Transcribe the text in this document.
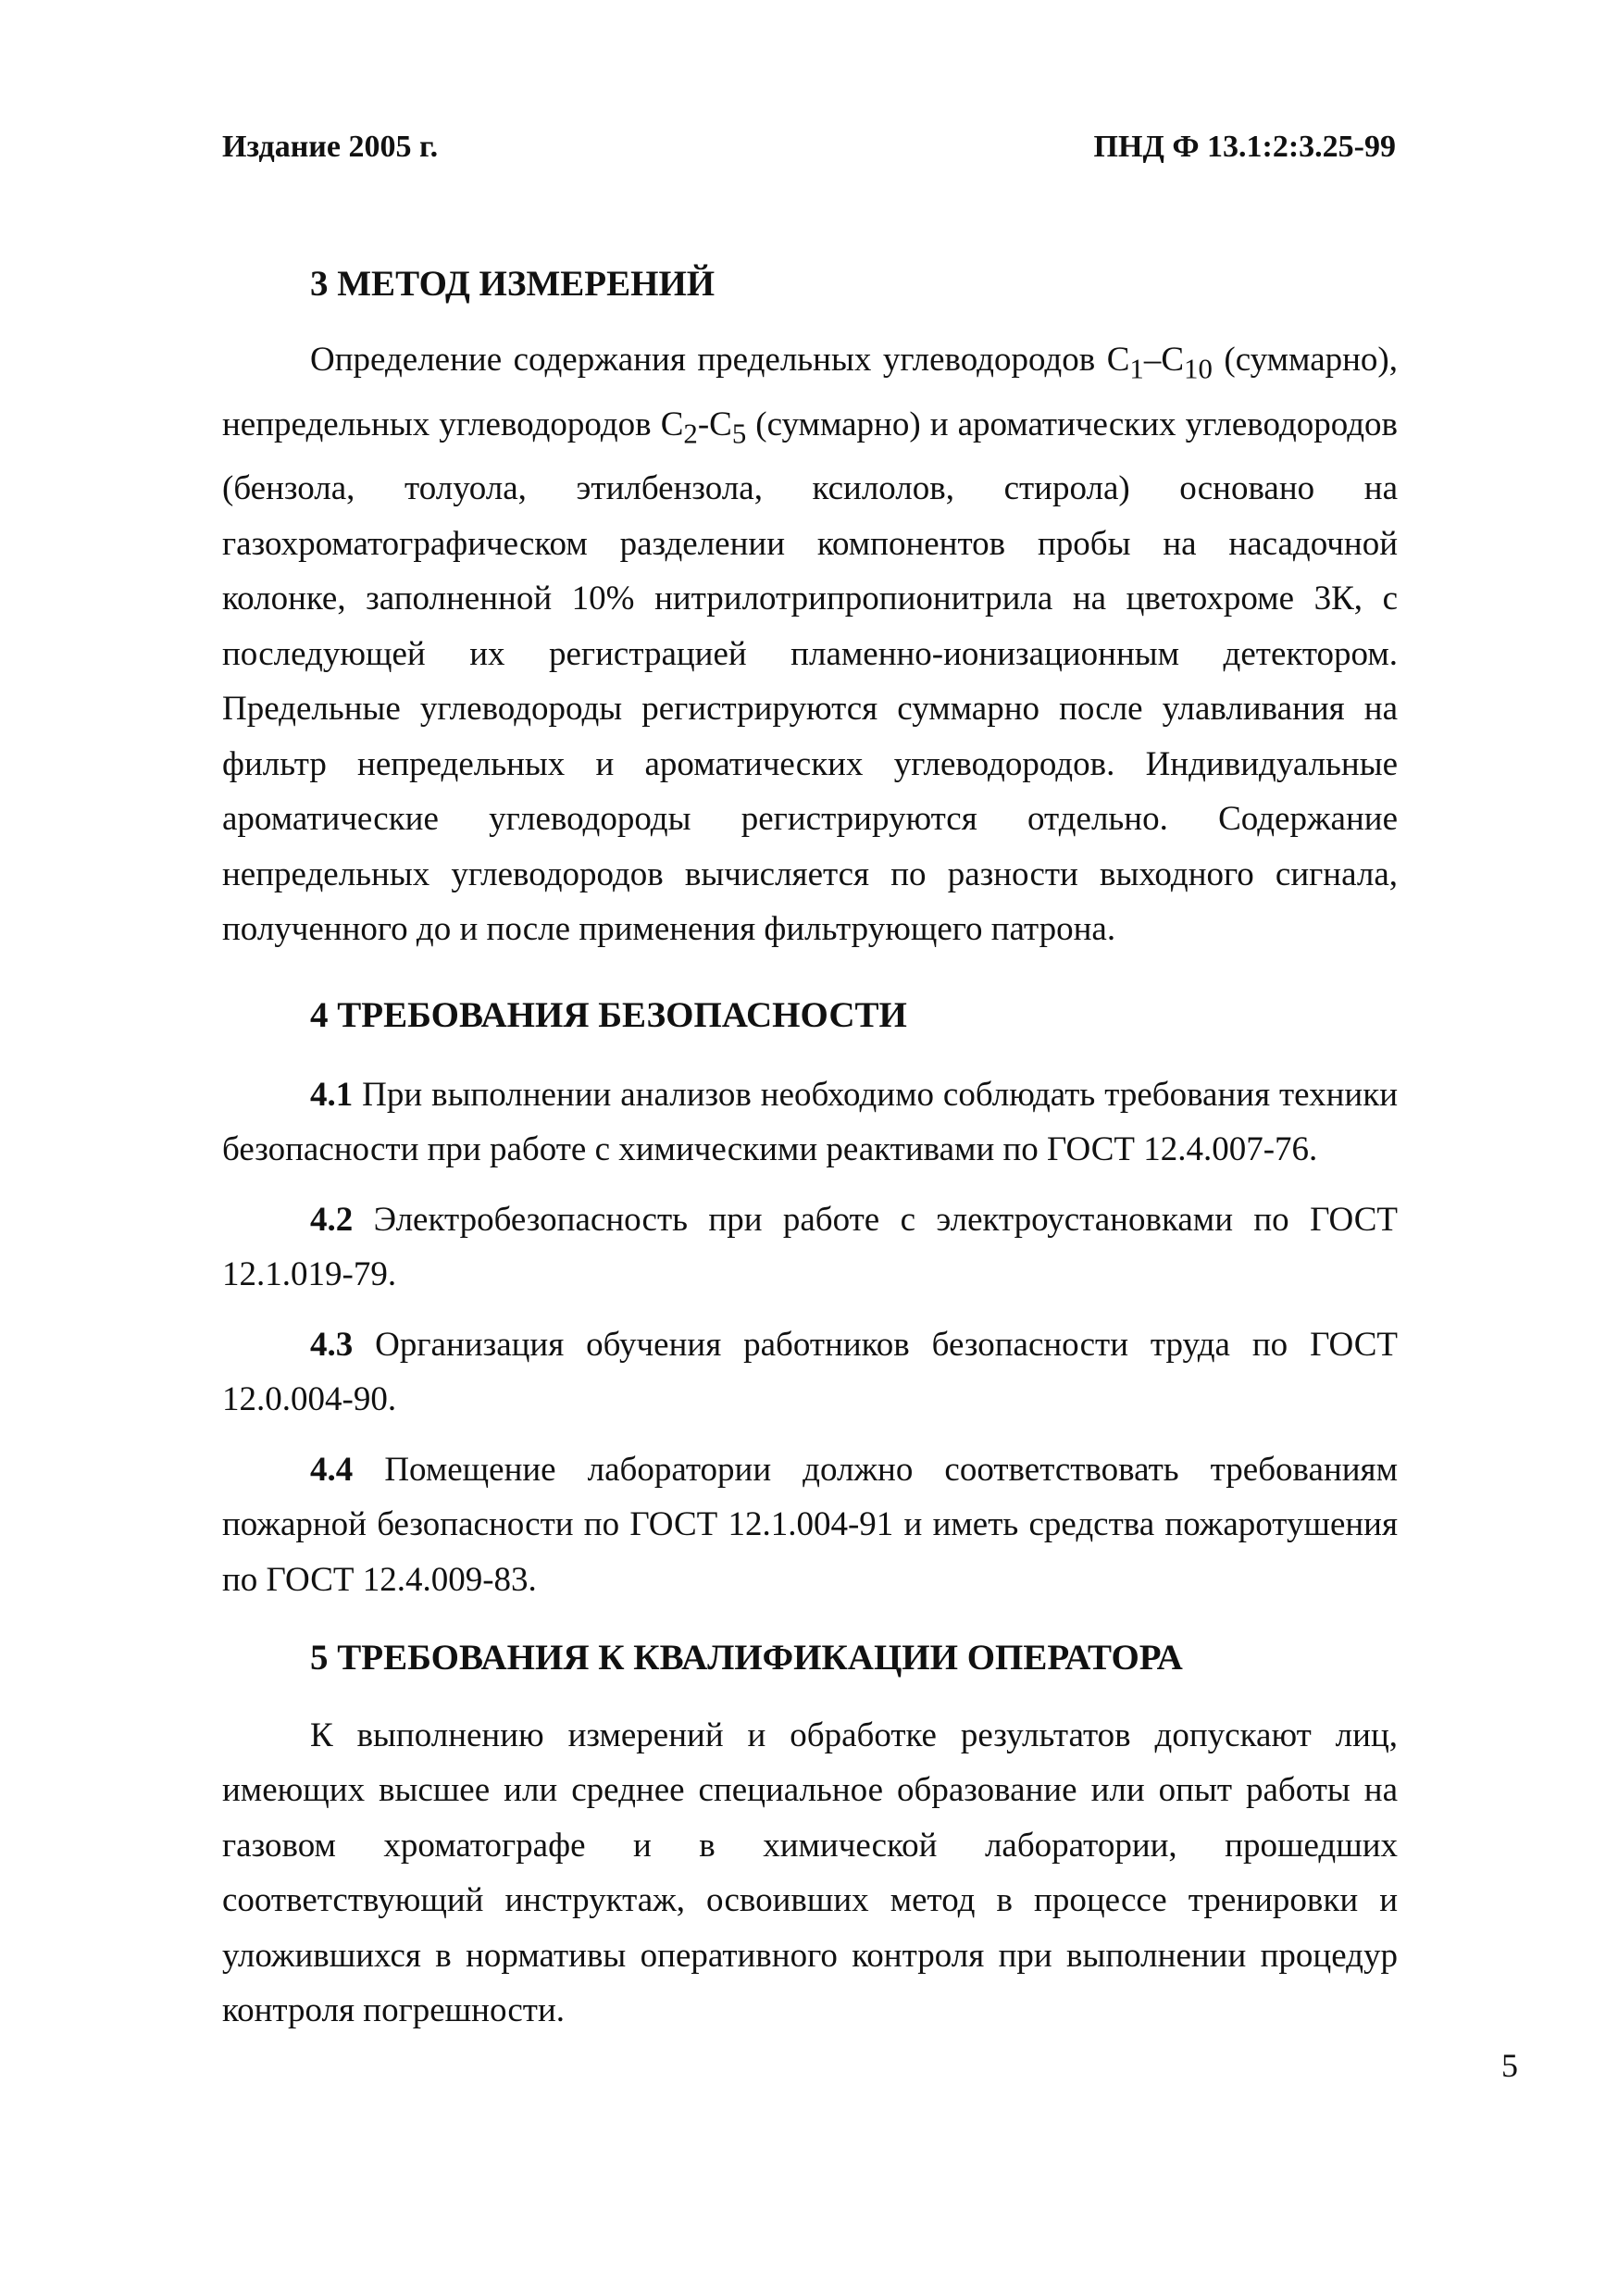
Издание 2005 г.	ПНД Ф 13.1:2:3.25-99
3 МЕТОД ИЗМЕРЕНИЙ

Определение содержания предельных углеводородов $C_1-C_{10}$ (суммарно), непредельных углеводородов $C_2-C_5$ (суммарно) и ароматических углеводородов (бензола, толуола, этилбензола, ксилолов, стирола) основано на газохроматографическом разделении компонентов пробы на насадочной колонке, заполненной 10% нитрилотрипропионитрила на цветохроме 3К, с последующей их регистрацией пламенно-ионизационным детектором. Предельные углеводороды регистрируются суммарно после улавливания на фильтр непредельных и ароматических углеводородов. Индивидуальные ароматические углеводороды регистрируются отдельно. Содержание непредельных углеводородов вычисляется по разности выходного сигнала, полученного до и после применения фильтрующего патрона.

4 ТРЕБОВАНИЯ БЕЗОПАСНОСТИ

4.1 При выполнении анализов необходимо соблюдать требования техники безопасности при работе с химическими реактивами по ГОСТ 12.4.007-76.

4.2 Электробезопасность при работе с электроустановками по ГОСТ 12.1.019-79.

4.3 Организация обучения работников безопасности труда по ГОСТ 12.0.004-90.

4.4 Помещение лаборатории должно соответствовать требованиям пожарной безопасности по ГОСТ 12.1.004-91 и иметь средства пожаротушения по ГОСТ 12.4.009-83.

5 ТРЕБОВАНИЯ К КВАЛИФИКАЦИИ ОПЕРАТОРА

К выполнению измерений и обработке результатов допускают лиц, имеющих высшее или среднее специальное образование или опыт работы на газовом хроматографе и в химической лаборатории, прошедших соответствующий инструктаж, освоивших метод в процессе тренировки и уложившихся в нормативы оперативного контроля при выполнении процедур контроля погрешности.

5
